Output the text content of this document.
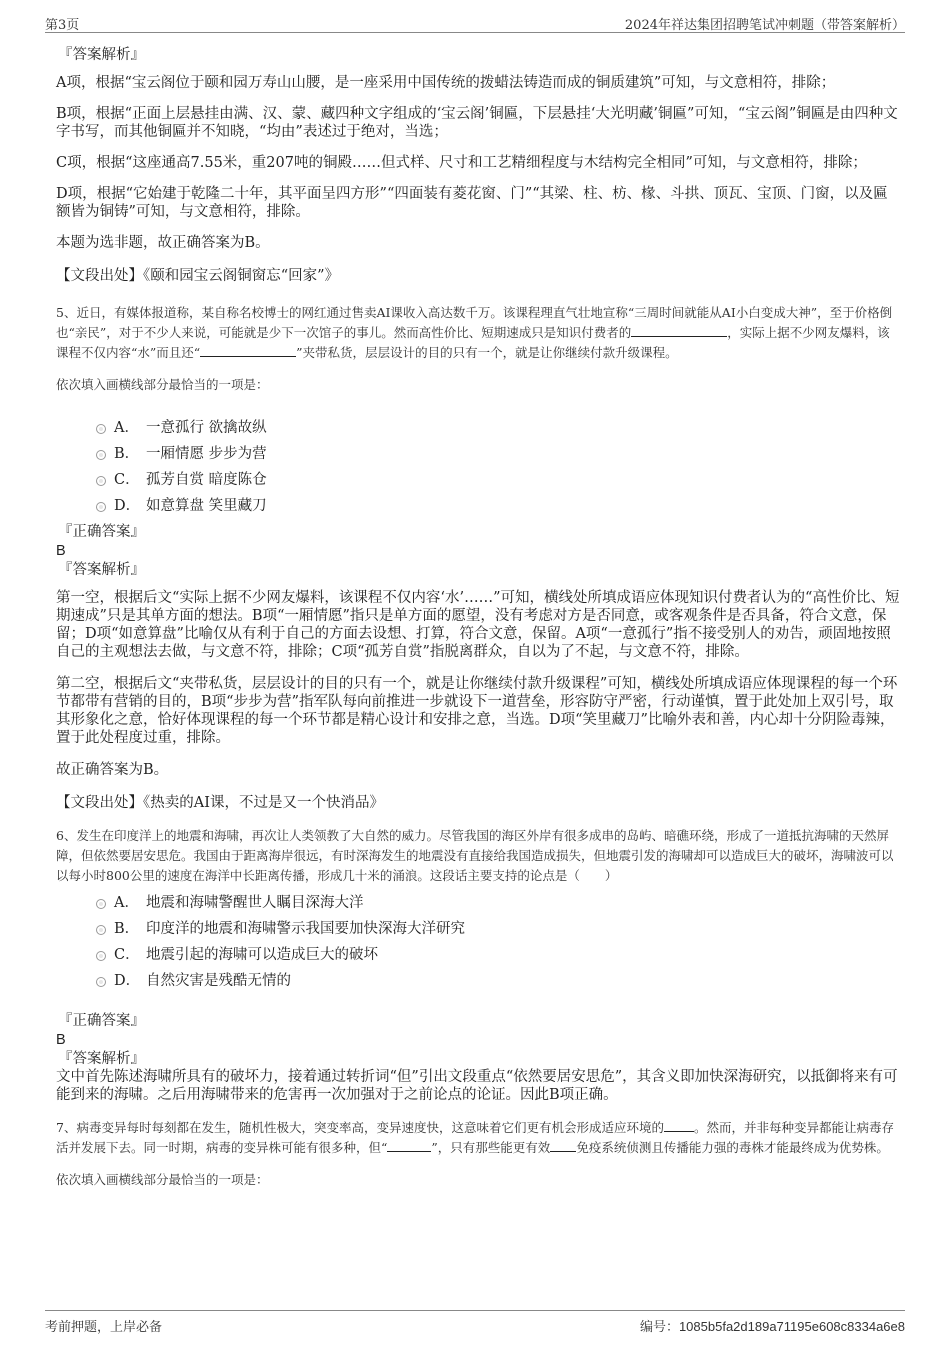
第3页	2024年祥达集团招聘笔试冲刺题（带答案解析）

『答案解析』

A项，根据“宝云阁位于颐和园万寿山山腰，是一座采用中国传统的拨蜡法铸造而成的铜质建筑”可知，与文意相符，排除；

B项，根据“正面上层悬挂由满、汉、蒙、藏四种文字组成的‘宝云阁’铜匾，下层悬挂‘大光明藏’铜匾”可知，“宝云阁”铜匾是由四种文字书写，而其他铜匾并不知晓，“均由”表述过于绝对，当选；

C项，根据“这座通高7.55米，重207吨的铜殿……但式样、尺寸和工艺精细程度与木结构完全相同”可知，与文意相符，排除；

D项，根据“它始建于乾隆二十年，其平面呈四方形”“四面装有菱花窗、门”“其梁、柱、枋、椽、斗拱、顶瓦、宝顶、门窗，以及匾额皆为铜铸”可知，与文意相符，排除。

本题为选非题，故正确答案为B。

【文段出处】《颐和园宝云阁铜窗忘“回家”》

5、近日，有媒体报道称，某自称名校博士的网红通过售卖AI课收入高达数千万。该课程理直气壮地宣称“三周时间就能从AI小白变成大神”，至于价格倒也“亲民”，对于不少人来说，可能就是少下一次馆子的事儿。然而高性价比、短期速成只是知识付费者的	，实际上据不少网友爆料，该课程不仅内容“水”而且还“	”夹带私货，层层设计的目的只有一个，就是让你继续付款升级课程。

依次填入画横线部分最恰当的一项是：

A． 一意孤行 欲擒故纵
B． 一厢情愿 步步为营
C． 孤芳自赏 暗度陈仓
D． 如意算盘 笑里藏刀

『正确答案』

B

『答案解析』

第一空，根据后文“实际上据不少网友爆料，该课程不仅内容‘水’……”可知，横线处所填成语应体现知识付费者认为的“高性价比、短期速成”只是其单方面的想法。B项“一厢情愿”指只是单方面的愿望，没有考虑对方是否同意，或客观条件是否具备，符合文意，保留；D项“如意算盘”比喻仅从有利于自己的方面去设想、打算，符合文意，保留。A项“一意孤行”指不接受别人的劝告，顽固地按照自己的主观想法去做，与文意不符，排除；C项“孤芳自赏”指脱离群众，自以为了不起，与文意不符，排除。

第二空，根据后文“夹带私货，层层设计的目的只有一个，就是让你继续付款升级课程”可知，横线处所填成语应体现课程的每一个环节都带有营销的目的，B项“步步为营”指军队每向前推进一步就设下一道营垒，形容防守严密，行动谨慎，置于此处加上双引号，取其形象化之意，恰好体现课程的每一个环节都是精心设计和安排之意，当选。D项“笑里藏刀”比喻外表和善，内心却十分阴险毒辣，置于此处程度过重，排除。

故正确答案为B。

【文段出处】《热卖的AI课，不过是又一个快消品》

6、发生在印度洋上的地震和海啸，再次让人类领教了大自然的威力。尽管我国的海区外岸有很多成串的岛屿、暗礁环绕，形成了一道抵抗海啸的天然屏障，但依然要居安思危。我国由于距离海岸很远，有时深海发生的地震没有直接给我国造成损失，但地震引发的海啸却可以造成巨大的破坏，海啸波可以以每小时800公里的速度在海洋中长距离传播，形成几十米的涌浪。这段话主要支持的论点是（　　）

A． 地震和海啸警醒世人瞩目深海大洋
B． 印度洋的地震和海啸警示我国要加快深海大洋研究
C． 地震引起的海啸可以造成巨大的破坏
D． 自然灾害是残酷无情的

『正确答案』

B

『答案解析』

文中首先陈述海啸所具有的破坏力，接着通过转折词“但”引出文段重点“依然要居安思危”，其含义即加快深海研究，以抵御将来有可能到来的海啸。之后用海啸带来的危害再一次加强对于之前论点的论证。因此B项正确。

7、病毒变异每时每刻都在发生，随机性极大，突变率高，变异速度快，这意味着它们更有机会形成适应环境的 。然而，并非每种变异都能让病毒存活并发展下去。同一时期，病毒的变异株可能有很多种，但“	”，只有那些能更有效 免疫系统侦测且传播能力强的毒株才能最终成为优势株。

依次填入画横线部分最恰当的一项是：

考前押题，上岸必备	编号：1085b5fa2d189a71195e608c8334a6e8
